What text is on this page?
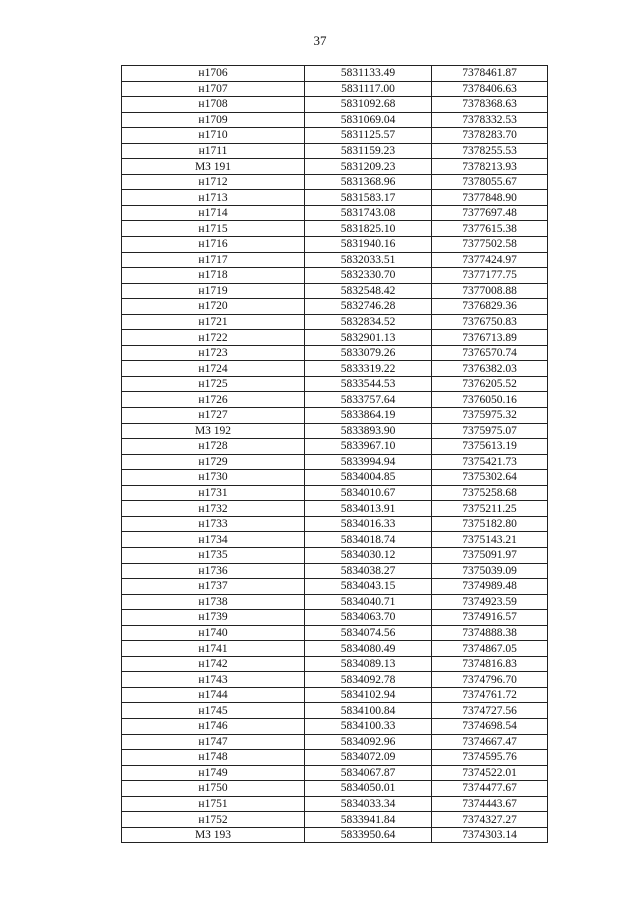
37
н1706	5831133.49	7378461.87
н1707	5831117.00	7378406.63
н1708	5831092.68	7378368.63
н1709	5831069.04	7378332.53
н1710	5831125.57	7378283.70
н1711	5831159.23	7378255.53
МЗ 191	5831209.23	7378213.93
н1712	5831368.96	7378055.67
н1713	5831583.17	7377848.90
н1714	5831743.08	7377697.48
н1715	5831825.10	7377615.38
н1716	5831940.16	7377502.58
н1717	5832033.51	7377424.97
н1718	5832330.70	7377177.75
н1719	5832548.42	7377008.88
н1720	5832746.28	7376829.36
н1721	5832834.52	7376750.83
н1722	5832901.13	7376713.89
н1723	5833079.26	7376570.74
н1724	5833319.22	7376382.03
н1725	5833544.53	7376205.52
н1726	5833757.64	7376050.16
н1727	5833864.19	7375975.32
МЗ 192	5833893.90	7375975.07
н1728	5833967.10	7375613.19
н1729	5833994.94	7375421.73
н1730	5834004.85	7375302.64
н1731	5834010.67	7375258.68
н1732	5834013.91	7375211.25
н1733	5834016.33	7375182.80
н1734	5834018.74	7375143.21
н1735	5834030.12	7375091.97
н1736	5834038.27	7375039.09
н1737	5834043.15	7374989.48
н1738	5834040.71	7374923.59
н1739	5834063.70	7374916.57
н1740	5834074.56	7374888.38
н1741	5834080.49	7374867.05
н1742	5834089.13	7374816.83
н1743	5834092.78	7374796.70
н1744	5834102.94	7374761.72
н1745	5834100.84	7374727.56
н1746	5834100.33	7374698.54
н1747	5834092.96	7374667.47
н1748	5834072.09	7374595.76
н1749	5834067.87	7374522.01
н1750	5834050.01	7374477.67
н1751	5834033.34	7374443.67
н1752	5833941.84	7374327.27
МЗ 193	5833950.64	7374303.14
